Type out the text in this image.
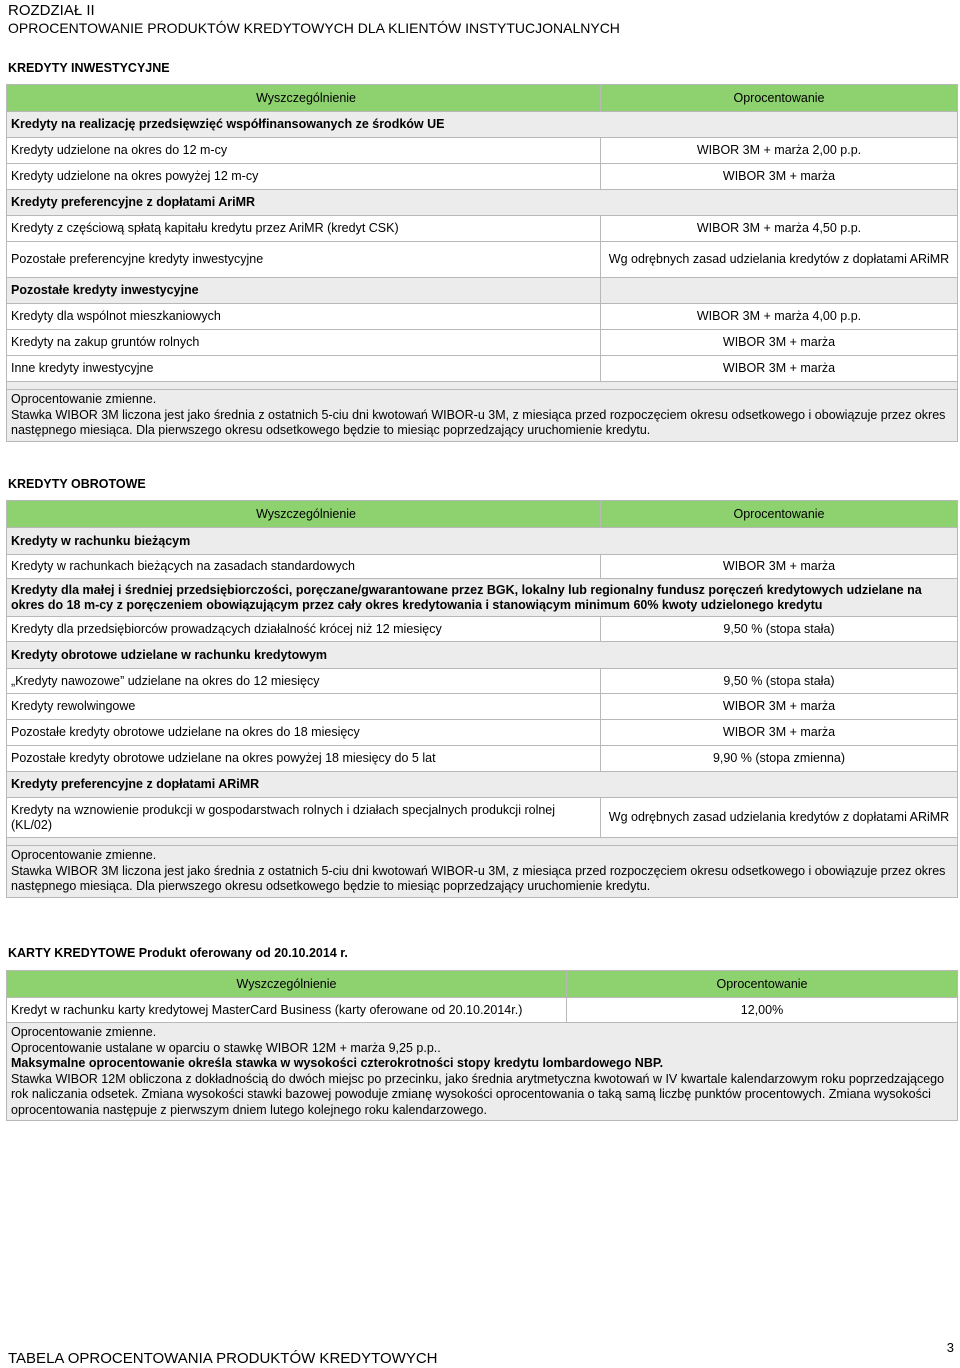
ROZDZIAŁ II
OPROCENTOWANIE PRODUKTÓW KREDYTOWYCH DLA KLIENTÓW INSTYTUCJONALNYCH
KREDYTY INWESTYCYJNE
Wyszczególnienie	Oprocentowanie
Kredyty na realizację przedsięwzięć współfinansowanych ze środków UE	
Kredyty udzielone na okres do 12 m-cy	WIBOR 3M + marża 2,00 p.p.
Kredyty udzielone na okres powyżej 12 m-cy	WIBOR 3M + marża
Kredyty preferencyjne z dopłatami AriMR	
Kredyty z częściową spłatą kapitału kredytu przez AriMR (kredyt CSK)	WIBOR 3M + marża 4,50 p.p.
Pozostałe preferencyjne kredyty inwestycyjne	Wg odrębnych zasad udzielania kredytów z dopłatami ARiMR
Pozostałe kredyty inwestycyjne	
Kredyty dla wspólnot mieszkaniowych	WIBOR 3M + marża 4,00 p.p.
Kredyty na zakup gruntów rolnych	WIBOR 3M + marża
Inne kredyty inwestycyjne	WIBOR 3M + marża

Oprocentowanie zmienne.
Stawka WIBOR 3M liczona jest jako średnia z ostatnich 5-ciu dni kwotowań WIBOR-u 3M, z miesiąca przed rozpoczęciem okresu odsetkowego i obowiązuje przez okres następnego miesiąca. Dla pierwszego okresu odsetkowego będzie to miesiąc poprzedzający uruchomienie kredytu.	
KREDYTY OBROTOWE
Wyszczególnienie	Oprocentowanie
Kredyty w rachunku bieżącym	
Kredyty w rachunkach bieżących na zasadach standardowych	WIBOR 3M + marża
Kredyty dla małej i średniej przedsiębiorczości, poręczane/gwarantowane przez BGK, lokalny lub regionalny fundusz poręczeń kredytowych udzielane na okres do 18 m-cy z poręczeniem obowiązującym przez cały okres kredytowania i stanowiącym minimum 60% kwoty udzielonego kredytu	
Kredyty dla przedsiębiorców prowadzących działalność krócej niż 12 miesięcy	9,50 % (stopa stała)
Kredyty obrotowe udzielane w rachunku kredytowym	
„Kredyty nawozowe” udzielane na okres do 12 miesięcy	9,50 % (stopa stała)
Kredyty rewolwingowe	WIBOR 3M + marża
Pozostałe kredyty obrotowe udzielane na okres do 18 miesięcy	WIBOR 3M + marża
Pozostałe kredyty obrotowe udzielane na okres powyżej 18 miesięcy do 5 lat	9,90 % (stopa zmienna)
Kredyty preferencyjne z dopłatami ARiMR	
Kredyty na wznowienie produkcji w gospodarstwach rolnych i działach specjalnych produkcji rolnej (KL/02)	Wg odrębnych zasad udzielania kredytów z dopłatami ARiMR

Oprocentowanie zmienne.
Stawka WIBOR 3M liczona jest jako średnia z ostatnich 5-ciu dni kwotowań WIBOR-u 3M, z miesiąca przed rozpoczęciem okresu odsetkowego i obowiązuje przez okres następnego miesiąca. Dla pierwszego okresu odsetkowego będzie to miesiąc poprzedzający uruchomienie kredytu.	
KARTY KREDYTOWE Produkt oferowany od 20.10.2014 r.
Wyszczególnienie	Oprocentowanie
Kredyt w rachunku karty kredytowej MasterCard Business (karty oferowane od 20.10.2014r.)	12,00%

Oprocentowanie zmienne.
Oprocentowanie ustalane w oparciu o stawkę WIBOR 12M + marża 9,25 p.p..
Maksymalne oprocentowanie określa stawka w wysokości czterokrotności stopy kredytu lombardowego NBP.
Stawka WIBOR 12M obliczona z dokładnością do dwóch miejsc po przecinku, jako średnia arytmetyczna kwotowań w IV kwartale kalendarzowym roku poprzedzającego rok naliczania odsetek. Zmiana wysokości stawki bazowej powoduje zmianę wysokości oprocentowania o taką samą liczbę punktów procentowych. Zmiana wysokości oprocentowania następuje z pierwszym dniem lutego kolejnego roku kalendarzowego.	
TABELA OPROCENTOWANIA PRODUKTÓW KREDYTOWYCH
3
